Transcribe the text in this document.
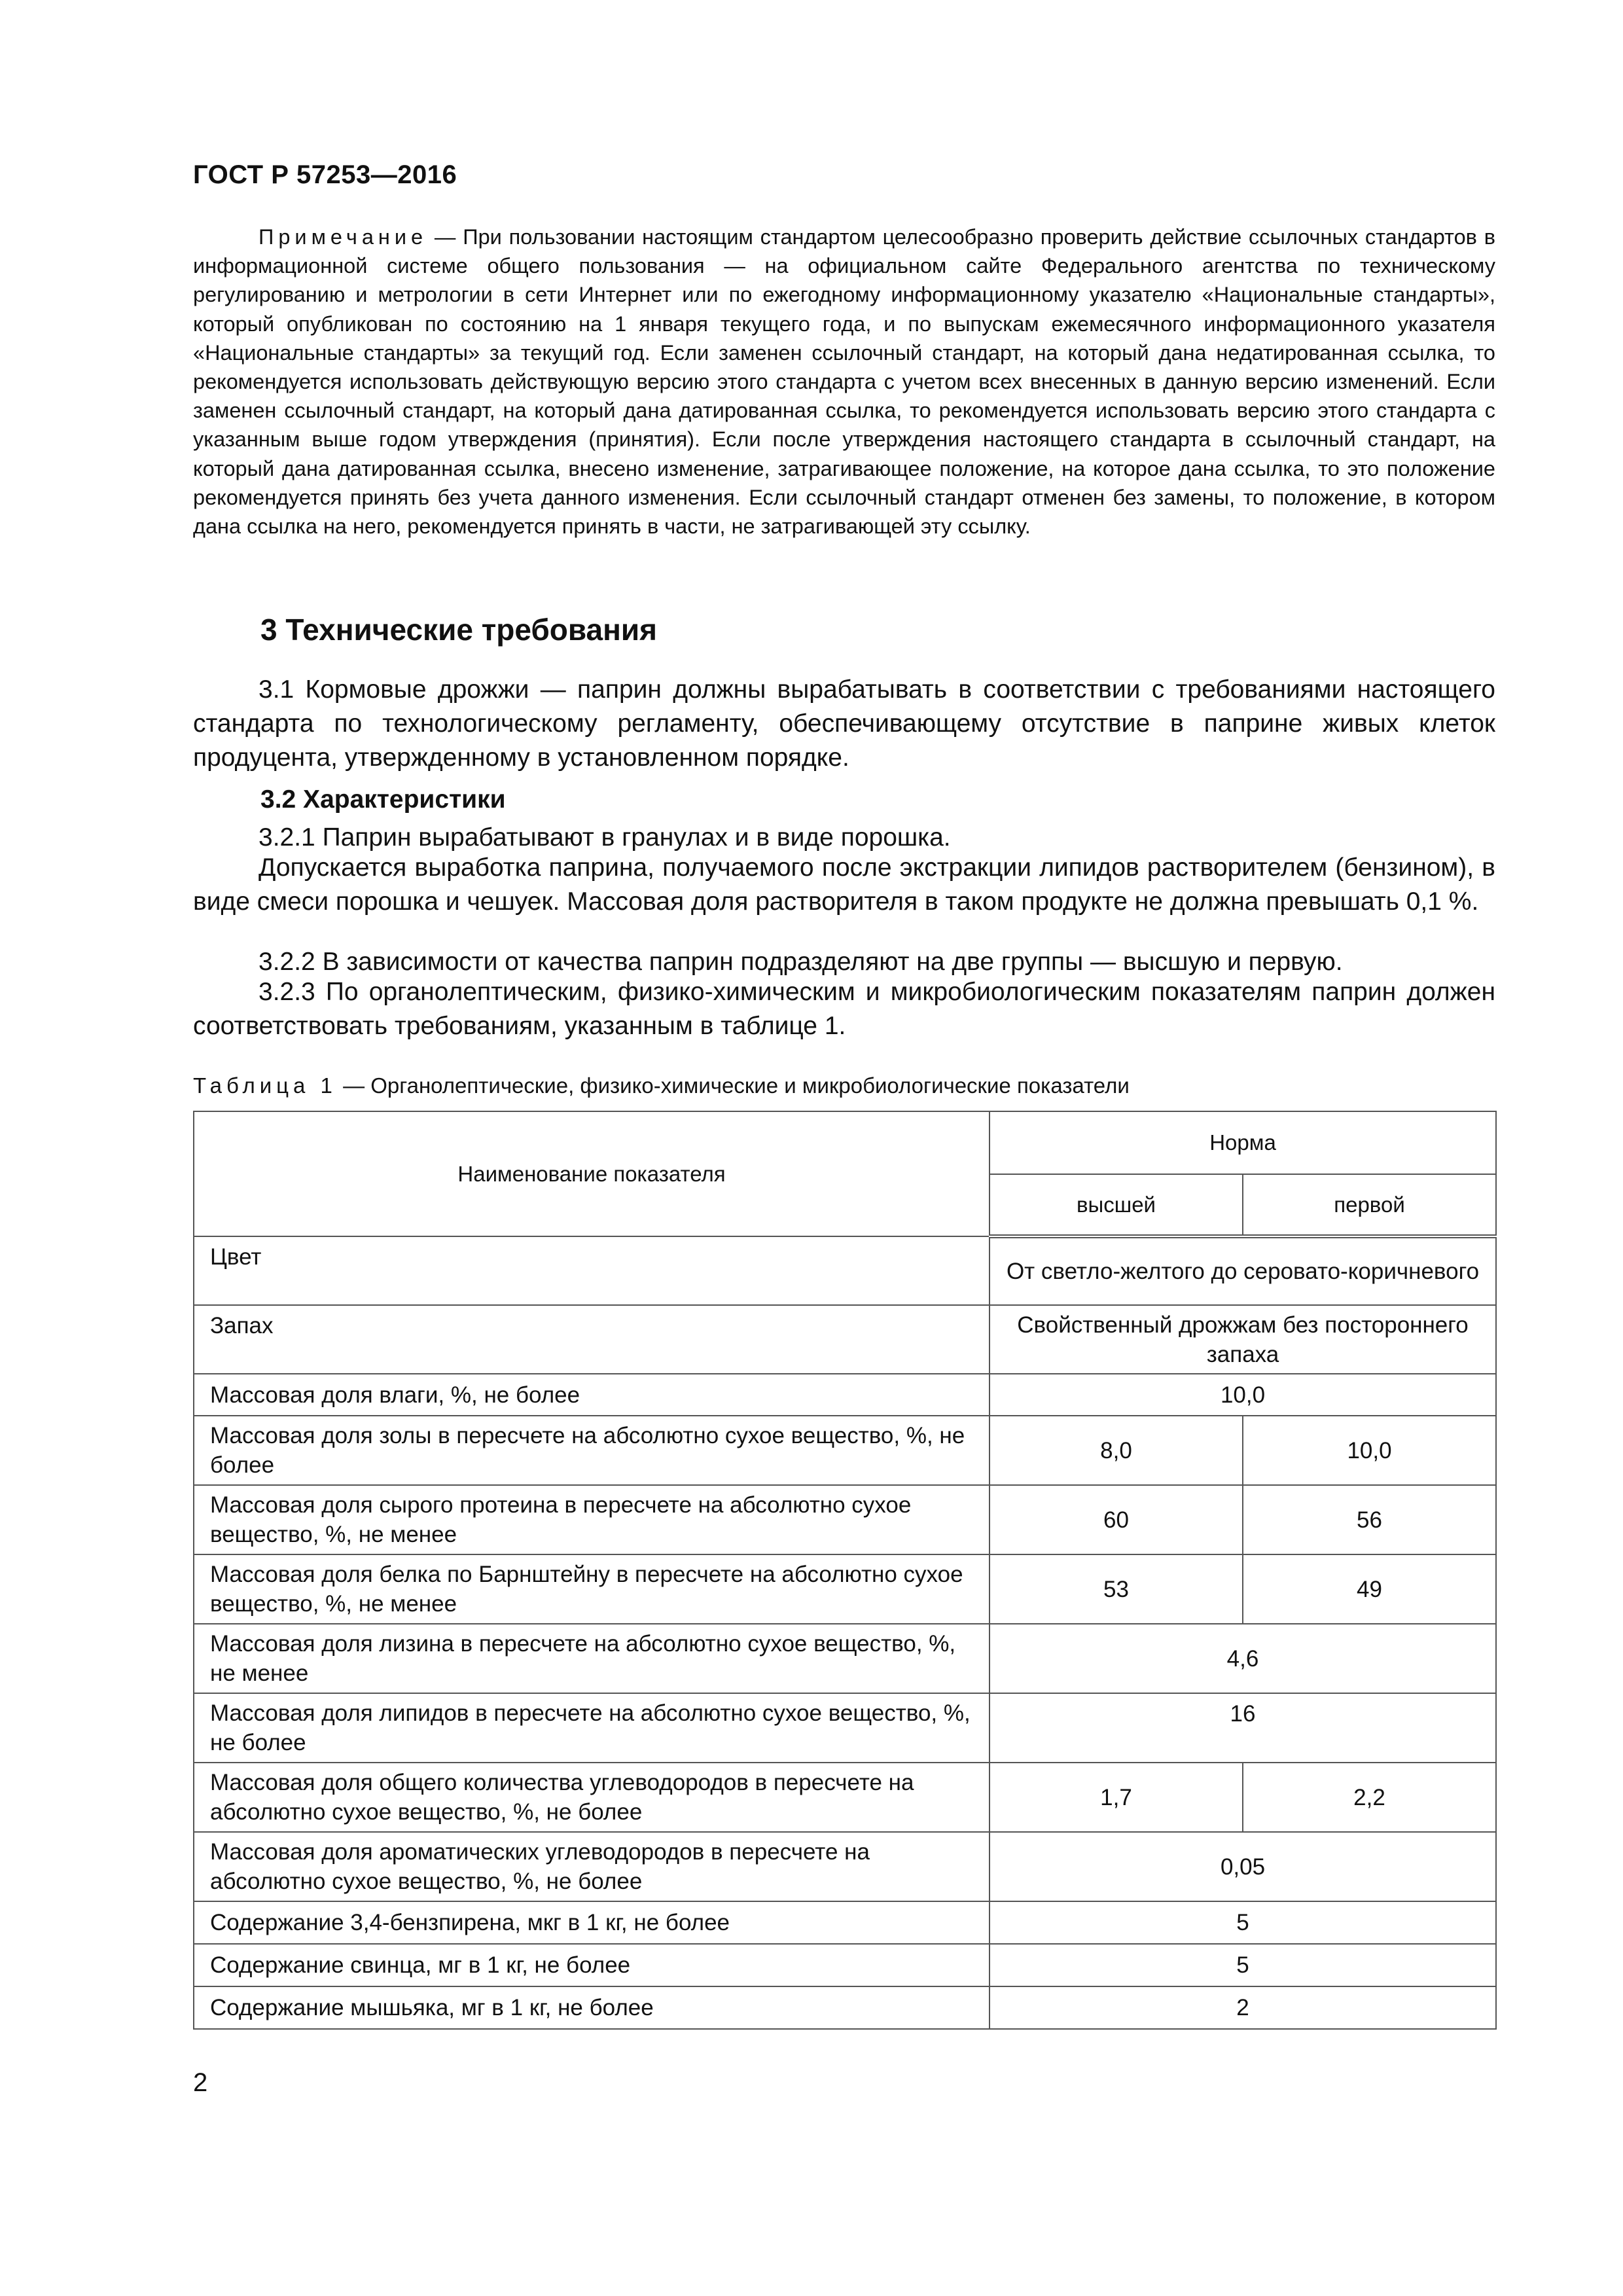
ГОСТ Р 57253—2016

Примечание — При пользовании настоящим стандартом целесообразно проверить действие ссылочных стандартов в информационной системе общего пользования — на официальном сайте Федерального агентства по техническому регулированию и метрологии в сети Интернет или по ежегодному информационному указателю «Национальные стандарты», который опубликован по состоянию на 1 января текущего года, и по выпускам ежемесячного информационного указателя «Национальные стандарты» за текущий год. Если заменен ссылочный стандарт, на который дана недатированная ссылка, то рекомендуется использовать действующую версию этого стандарта с учетом всех внесенных в данную версию изменений. Если заменен ссылочный стандарт, на который дана датированная ссылка, то рекомендуется использовать версию этого стандарта с указанным выше годом утверждения (принятия). Если после утверждения настоящего стандарта в ссылочный стандарт, на который дана датированная ссылка, внесено изменение, затрагивающее положение, на которое дана ссылка, то это положение рекомендуется принять без учета данного изменения. Если ссылочный стандарт отменен без замены, то положение, в котором дана ссылка на него, рекомендуется принять в части, не затрагивающей эту ссылку.

3 Технические требования

3.1 Кормовые дрожжи — паприн должны вырабатывать в соответствии с требованиями настоящего стандарта по технологическому регламенту, обеспечивающему отсутствие в паприне живых клеток продуцента, утвержденному в установленном порядке.

3.2 Характеристики

3.2.1 Паприн вырабатывают в гранулах и в виде порошка.

Допускается выработка паприна, получаемого после экстракции липидов растворителем (бензином), в виде смеси порошка и чешуек. Массовая доля растворителя в таком продукте не должна превышать 0,1 %.

3.2.2 В зависимости от качества паприн подразделяют на две группы — высшую и первую.

3.2.3 По органолептическим, физико-химическим и микробиологическим показателям паприн должен соответствовать требованиям, указанным в таблице 1.

Таблица 1 — Органолептические, физико-химические и микробиологические показатели

Наименование показателя	Норма	
	высшей	первой
Цвет	От светло-желтого до серовато-коричневого	
Запах	Свойственный дрожжам без постороннего запаха	
Массовая доля влаги, %, не более	10,0	
Массовая доля золы в пересчете на абсолютно сухое вещество, %, не более	8,0	10,0
Массовая доля сырого протеина в пересчете на абсолютно сухое вещество, %, не менее	60	56
Массовая доля белка по Барнштейну в пересчете на абсолютно сухое вещество, %, не менее	53	49
Массовая доля лизина в пересчете на абсолютно сухое вещество, %, не менее	4,6	
Массовая доля липидов в пересчете на абсолютно сухое вещество, %, не более	16	
Массовая доля общего количества углеводородов в пересчете на абсолютно сухое вещество, %, не более	1,7	2,2
Массовая доля ароматических углеводородов в пересчете на абсолютно сухое вещество, %, не более	0,05	
Содержание 3,4-бензпирена, мкг в 1 кг, не более	5	
Содержание свинца, мг в 1 кг, не более	5	
Содержание мышьяка, мг в 1 кг, не более	2	
2
